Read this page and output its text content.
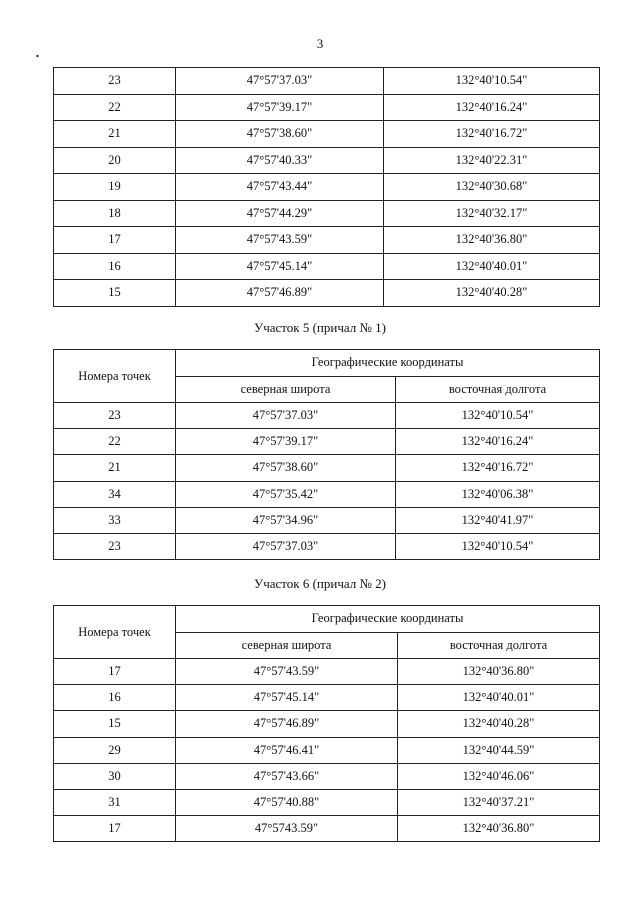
3
23	47°57'37.03"	132°40'10.54"
22	47°57'39.17"	132°40'16.24"
21	47°57'38.60"	132°40'16.72"
20	47°57'40.33"	132°40'22.31"
19	47°57'43.44"	132°40'30.68"
18	47°57'44.29"	132°40'32.17"
17	47°57'43.59"	132°40'36.80"
16	47°57'45.14"	132°40'40.01"
15	47°57'46.89"	132°40'40.28"
Участок 5 (причал № 1)
Номера точек	Географические координаты	
	северная широта	восточная долгота
23	47°57'37.03"	132°40'10.54"
22	47°57'39.17"	132°40'16.24"
21	47°57'38.60"	132°40'16.72"
34	47°57'35.42"	132°40'06.38"
33	47°57'34.96"	132°40'41.97"
23	47°57'37.03"	132°40'10.54"
Участок 6 (причал № 2)
Номера точек	Географические координаты	
	северная широта	восточная долгота
17	47°57'43.59"	132°40'36.80"
16	47°57'45.14"	132°40'40.01"
15	47°57'46.89"	132°40'40.28"
29	47°57'46.41"	132°40'44.59"
30	47°57'43.66"	132°40'46.06"
31	47°57'40.88"	132°40'37.21"
17	47°5743.59"	132°40'36.80"
